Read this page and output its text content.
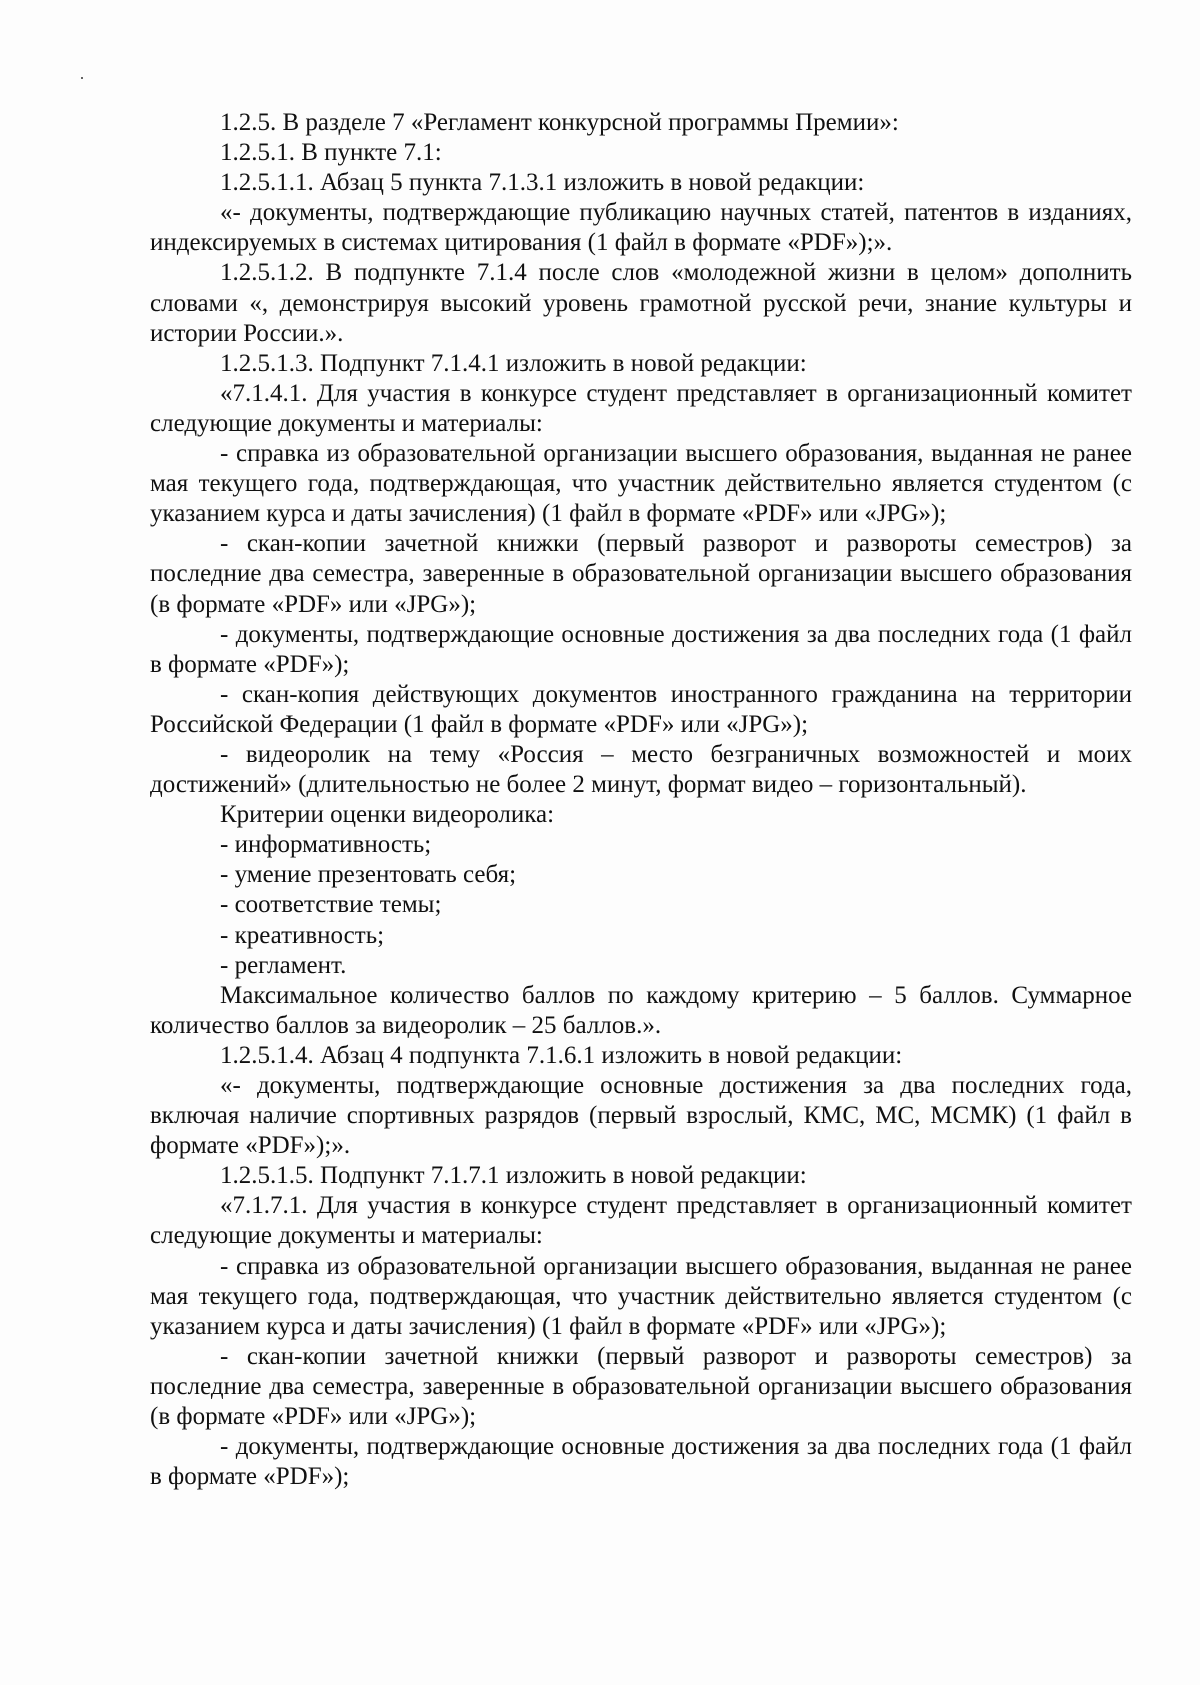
1.2.5. В разделе 7 «Регламент конкурсной программы Премии»:

1.2.5.1. В пункте 7.1:

1.2.5.1.1. Абзац 5 пункта 7.1.3.1 изложить в новой редакции:

«- документы, подтверждающие публикацию научных статей, патентов в изданиях, индексируемых в системах цитирования (1 файл в формате «PDF»);».

1.2.5.1.2. В подпункте 7.1.4 после слов «молодежной жизни в целом» дополнить словами «, демонстрируя высокий уровень грамотной русской речи, знание культуры и истории России.».

1.2.5.1.3. Подпункт 7.1.4.1 изложить в новой редакции:

«7.1.4.1. Для участия в конкурсе студент представляет в организационный комитет следующие документы и материалы:

- справка из образовательной организации высшего образования, выданная не ранее мая текущего года, подтверждающая, что участник действительно является студентом (с указанием курса и даты зачисления) (1 файл в формате «PDF» или «JPG»);

- скан-копии зачетной книжки (первый разворот и развороты семестров) за последние два семестра, заверенные в образовательной организации высшего образования (в формате «PDF» или «JPG»);

- документы, подтверждающие основные достижения за два последних года (1 файл в формате «PDF»);

- скан-копия действующих документов иностранного гражданина на территории Российской Федерации (1 файл в формате «PDF» или «JPG»);

- видеоролик на тему «Россия – место безграничных возможностей и моих достижений» (длительностью не более 2 минут, формат видео – горизонтальный).

Критерии оценки видеоролика:

- информативность;

- умение презентовать себя;

- соответствие темы;

- креативность;

- регламент.

Максимальное количество баллов по каждому критерию – 5 баллов. Суммарное количество баллов за видеоролик – 25 баллов.».

1.2.5.1.4. Абзац 4 подпункта 7.1.6.1 изложить в новой редакции:

«- документы, подтверждающие основные достижения за два последних года, включая наличие спортивных разрядов (первый взрослый, КМС, МС, МСМК) (1 файл в формате «PDF»);».

1.2.5.1.5. Подпункт 7.1.7.1 изложить в новой редакции:

«7.1.7.1. Для участия в конкурсе студент представляет в организационный комитет следующие документы и материалы:

- справка из образовательной организации высшего образования, выданная не ранее мая текущего года, подтверждающая, что участник действительно является студентом (с указанием курса и даты зачисления) (1 файл в формате «PDF» или «JPG»);

- скан-копии зачетной книжки (первый разворот и развороты семестров) за последние два семестра, заверенные в образовательной организации высшего образования (в формате «PDF» или «JPG»);

- документы, подтверждающие основные достижения за два последних года (1 файл в формате «PDF»);
